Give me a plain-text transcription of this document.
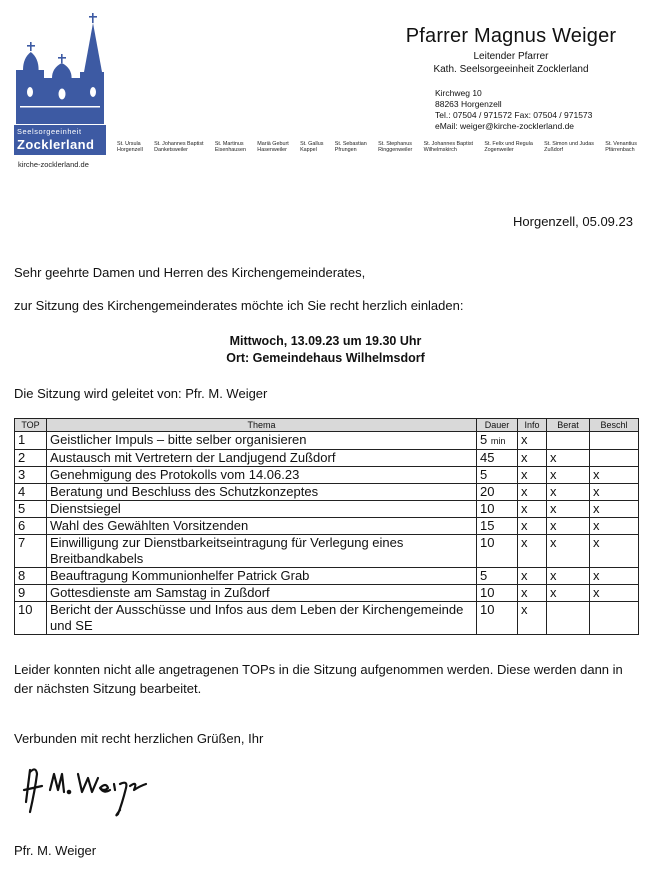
Seelsorgeeinheit
Zocklerland
kirche-zocklerland.de
St. Ursula
Horgenzell
St. Johannes Baptist
Danketsweiler
St. Martinus
Eisenhausen
Mariä Geburt
Hasenweiler
St. Gallus
Kappel
St. Sebastian
Pfrungen
St. Stephanus
Ringgenweiler
St. Johannes Baptist
Wilhelmskirch
St. Felix und Regula
Zogenweiler
St. Simon und Judas
Zußdorf
St. Venantius
Pfärrenbach
Pfarrer Magnus Weiger
Leitender Pfarrer
Kath. Seelsorgeeinheit Zocklerland
Kirchweg 10
88263 Horgenzell
Tel.: 07504 / 971572 Fax: 07504 / 971573
eMail: weiger@kirche-zocklerland.de
Horgenzell, 05.09.23
Sehr geehrte Damen und Herren des Kirchengemeinderates,
zur Sitzung des Kirchengemeinderates möchte ich Sie recht herzlich einladen:
Mittwoch, 13.09.23 um 19.30 Uhr
Ort: Gemeindehaus Wilhelmsdorf
Die Sitzung wird geleitet von: Pfr. M. Weiger
TOP	Thema	Dauer	Info	Berat	Beschl
1	Geistlicher Impuls – bitte selber organisieren	5 min	x		
2	Austausch mit Vertretern der Landjugend Zußdorf	45	x	x	
3	Genehmigung des Protokolls vom 14.06.23	5	x	x	x
4	Beratung und Beschluss des Schutzkonzeptes	20	x	x	x
5	Dienstsiegel	10	x	x	x
6	Wahl des Gewählten Vorsitzenden	15	x	x	x
7	Einwilligung zur Dienstbarkeitseintragung für Verlegung eines Breitbandkabels	10	x	x	x
8	Beauftragung Kommunionhelfer Patrick Grab	5	x	x	x
9	Gottesdienste am Samstag in Zußdorf	10	x	x	x
10	Bericht der Ausschüsse und Infos aus dem Leben der Kirchengemeinde und SE	10	x		
Leider konnten nicht alle angetragenen TOPs in die Sitzung aufgenommen werden. Diese werden dann in der nächsten Sitzung bearbeitet.
Verbunden mit recht herzlichen Grüßen, Ihr
Pfr. M. Weiger
